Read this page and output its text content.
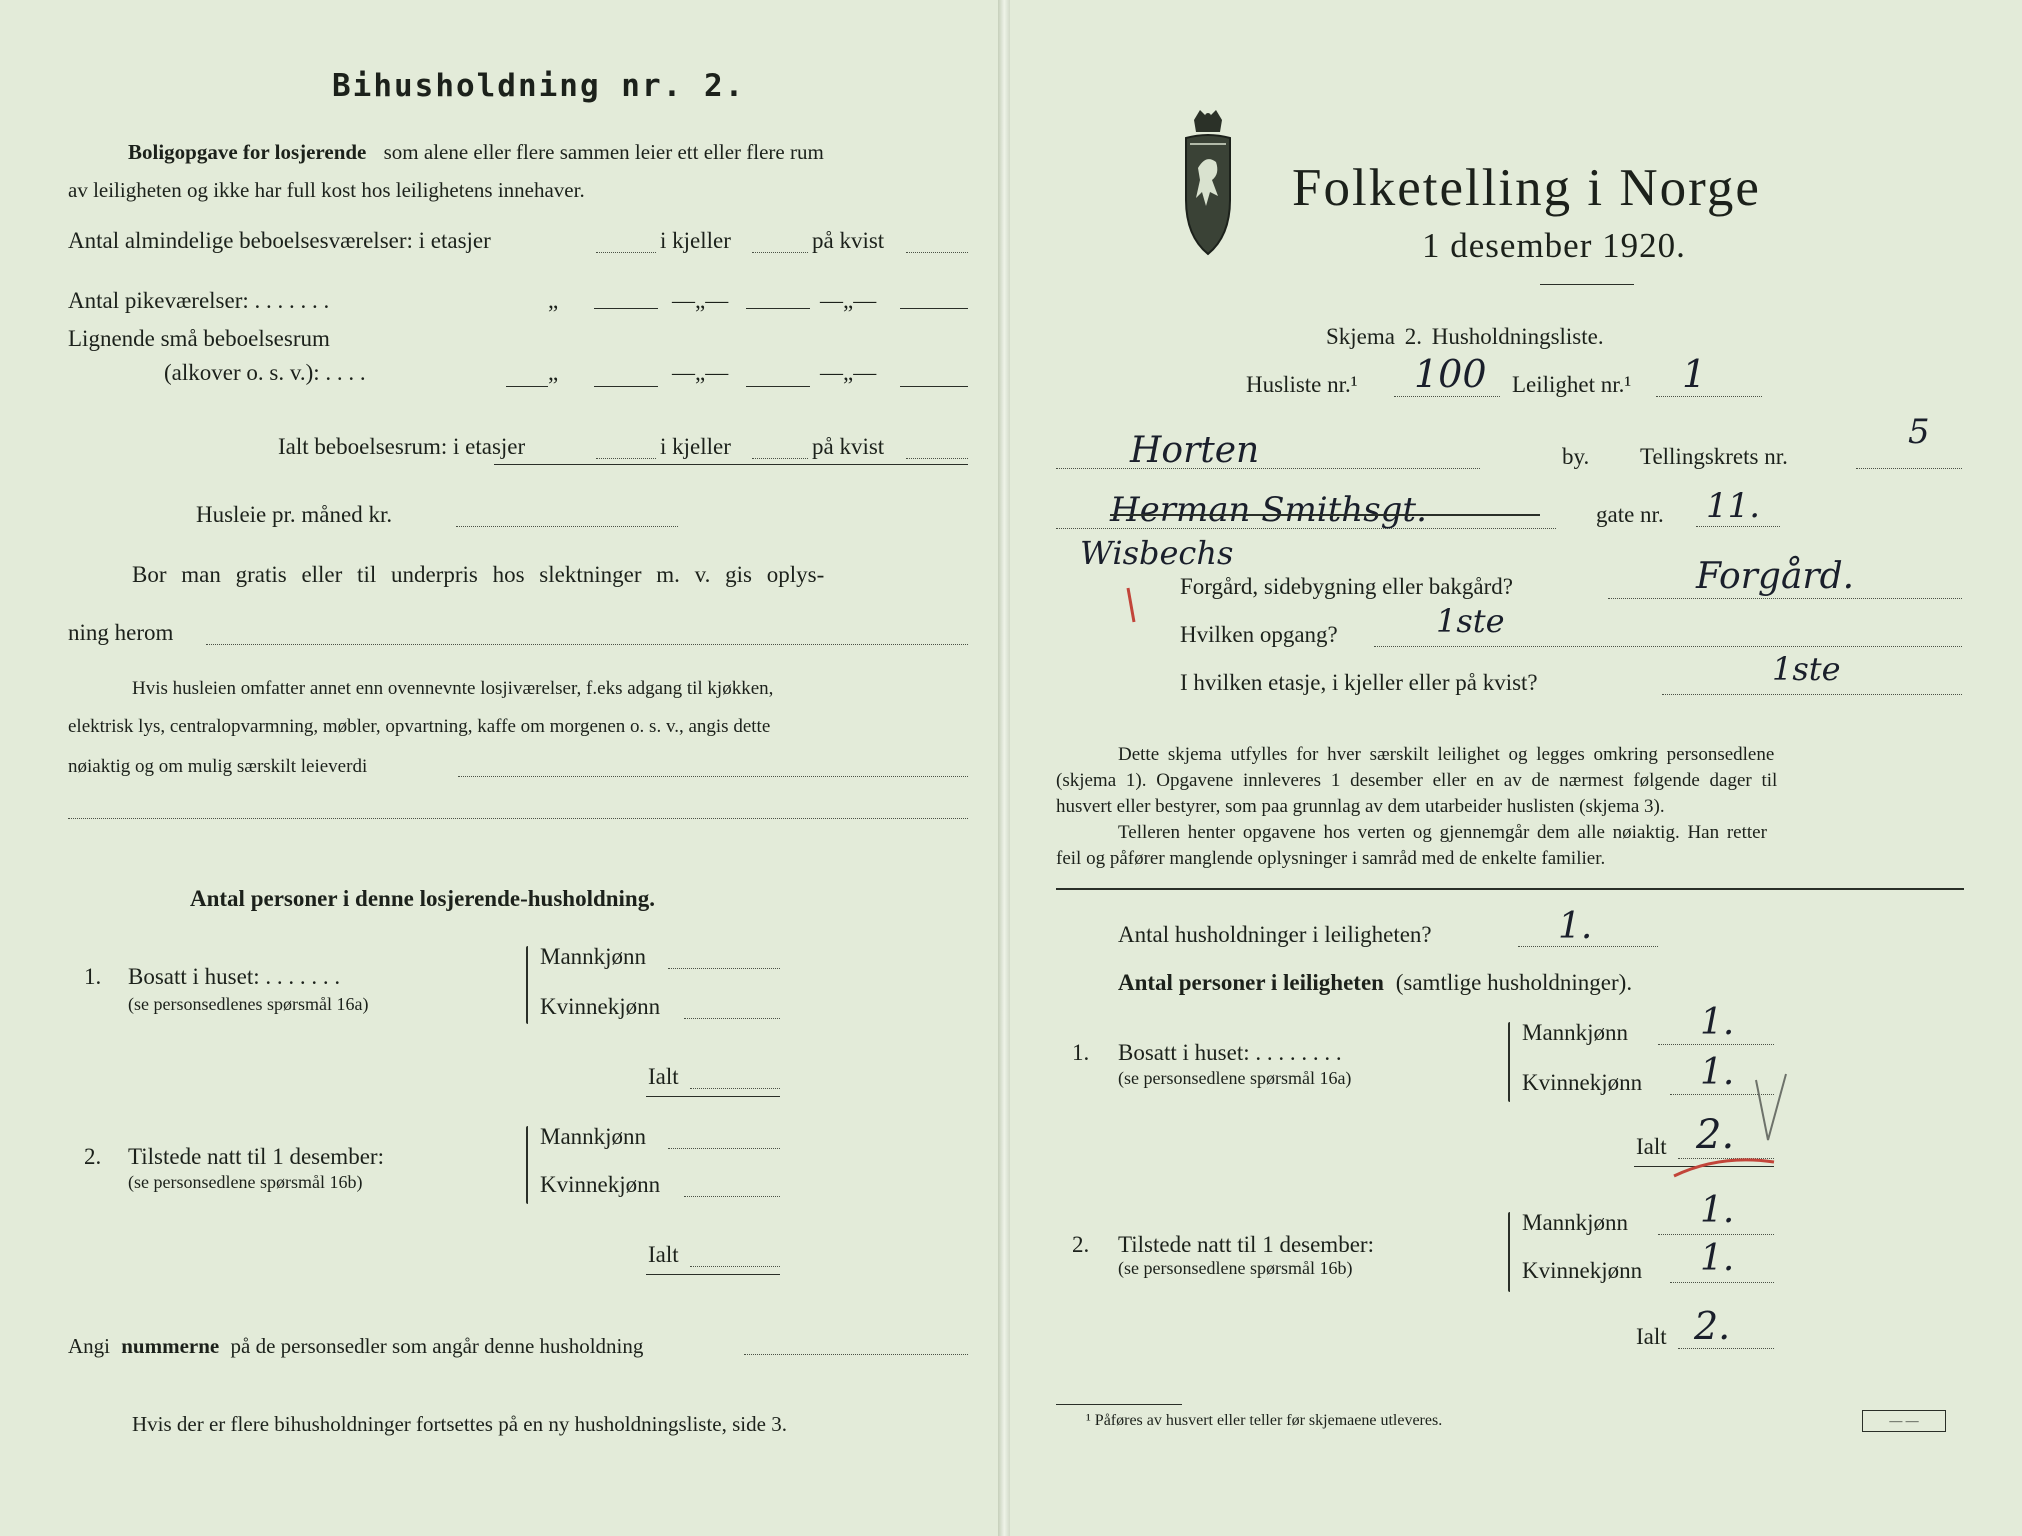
Bihusholdning nr. 2.
Boligopgave for losjerende som alene eller flere sammen leier ett eller flere rum
av leiligheten og ikke har full kost hos leilighetens innehaver.
Antal almindelige beboelsesværelser: i etasjer	i kjeller	på kvist
Antal pikeværelser: . . . . . . .	„	—„—	—„—
Lignende små beboelsesrum
(alkover o. s. v.): . . . .	„	—„—	—„—
Ialt beboelsesrum: i etasjer	i kjeller	på kvist
Husleie pr. måned kr.
Bor man gratis eller til underpris hos slektninger m. v. gis oplys-
ning herom
Hvis husleien omfatter annet enn ovennevnte losjiværelser, f.eks adgang til kjøkken,
elektrisk lys, centralopvarmning, møbler, opvartning, kaffe om morgenen o. s. v., angis dette
nøiaktig og om mulig særskilt leieverdi
Antal personer i denne losjerende-husholdning.
1. Bosatt i huset: . . . . . . .
(se personsedlenes spørsmål 16a)
Mannkjønn
Kvinnekjønn
Ialt
2. Tilstede natt til 1 desember:
(se personsedlene spørsmål 16b)
Mannkjønn
Kvinnekjønn
Ialt
Angi nummerne på de personsedler som angår denne husholdning
Hvis der er flere bihusholdninger fortsettes på en ny husholdningsliste, side 3.
Folketelling i Norge
1 desember 1920.
Skjema 2. Husholdningsliste.
Husliste nr.¹ 100 Leilighet nr.¹ 1
Horten	by. Tellingskrets nr.
5
Herman Smithsgt.
Wisbechs
gate nr. 11.
Forgård, sidebygning eller bakgård?	Forgård.
Hvilken opgang?	1ste
I hvilken etasje, i kjeller eller på kvist?	1ste
Dette skjema utfylles for hver særskilt leilighet og legges omkring personsedlene
(skjema 1). Opgavene innleveres 1 desember eller en av de nærmest følgende dager til
husvert eller bestyrer, som paa grunnlag av dem utarbeider huslisten (skjema 3).
Telleren henter opgavene hos verten og gjennemgår dem alle nøiaktig. Han retter
feil og påfører manglende oplysninger i samråd med de enkelte familier.
Antal husholdninger i leiligheten?	1.
Antal personer i leiligheten (samtlige husholdninger).
1. Bosatt i huset: . . . . . . . .
(se personsedlene spørsmål 16a)
Mannkjønn 1.
Kvinnekjønn 1.
Ialt 2.
2. Tilstede natt til 1 desember:
(se personsedlene spørsmål 16b)
Mannkjønn 1.
Kvinnekjønn 1.
Ialt 2.
¹ Påføres av husvert eller teller før skjemaene utleveres.	— —
